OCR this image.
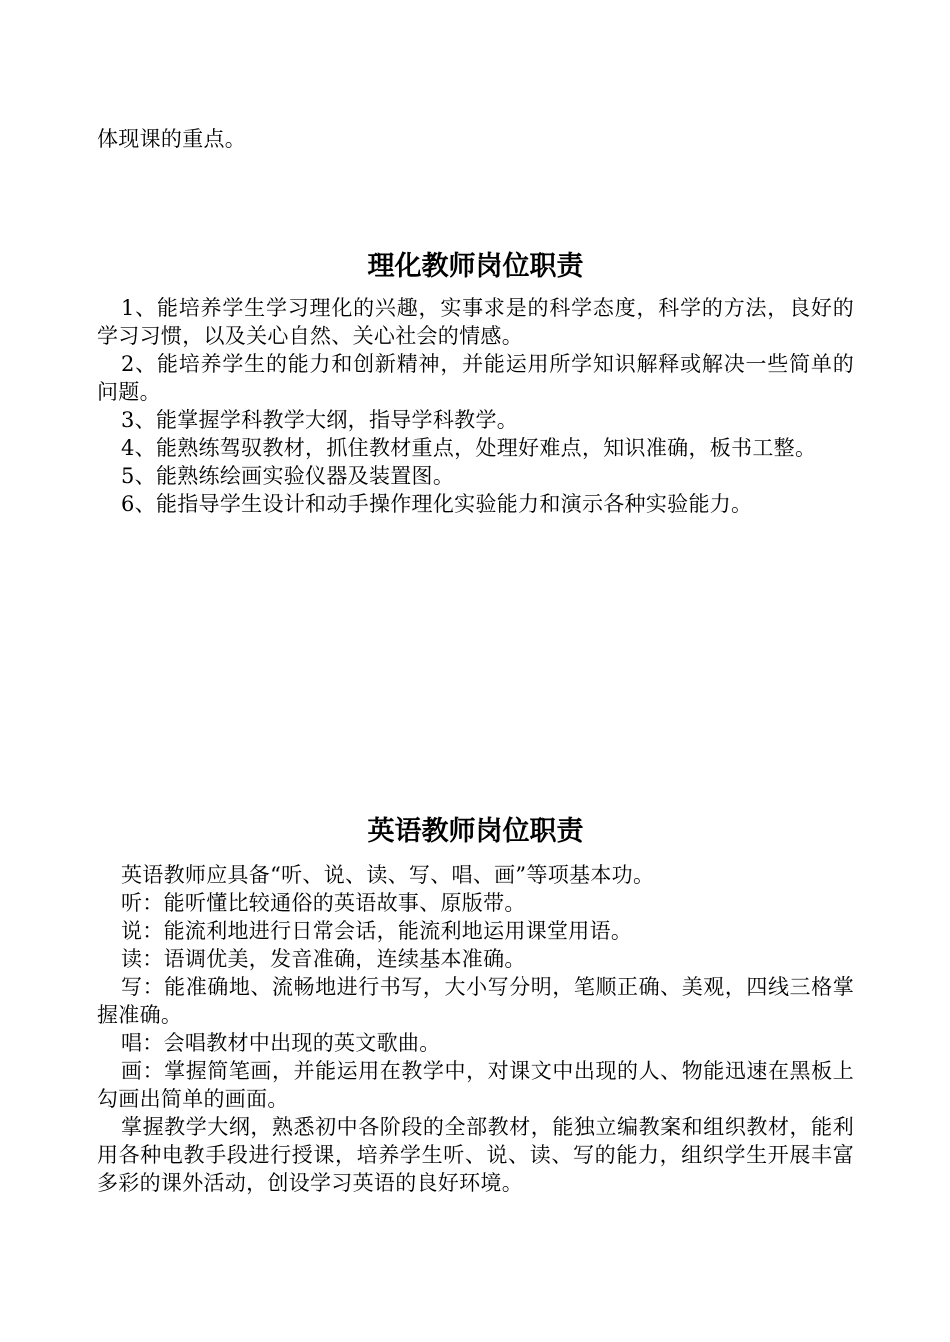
体现课的重点。

理化教师岗位职责

1、能培养学生学习理化的兴趣，实事求是的科学态度，科学的方法，良好的学习习惯，以及关心自然、关心社会的情感。

2、能培养学生的能力和创新精神，并能运用所学知识解释或解决一些简单的问题。

3、能掌握学科教学大纲，指导学科教学。

4、能熟练驾驭教材，抓住教材重点，处理好难点，知识准确，板书工整。

5、能熟练绘画实验仪器及装置图。

6、能指导学生设计和动手操作理化实验能力和演示各种实验能力。

英语教师岗位职责

英语教师应具备“听、说、读、写、唱、画”等项基本功。

听：能听懂比较通俗的英语故事、原版带。

说：能流利地进行日常会话，能流利地运用课堂用语。

读：语调优美，发音准确，连续基本准确。

写：能准确地、流畅地进行书写，大小写分明，笔顺正确、美观，四线三格掌握准确。

唱：会唱教材中出现的英文歌曲。

画：掌握简笔画，并能运用在教学中，对课文中出现的人、物能迅速在黑板上勾画出简单的画面。

掌握教学大纲，熟悉初中各阶段的全部教材，能独立编教案和组织教材，能利用各种电教手段进行授课，培养学生听、说、读、写的能力，组织学生开展丰富多彩的课外活动，创设学习英语的良好环境。
